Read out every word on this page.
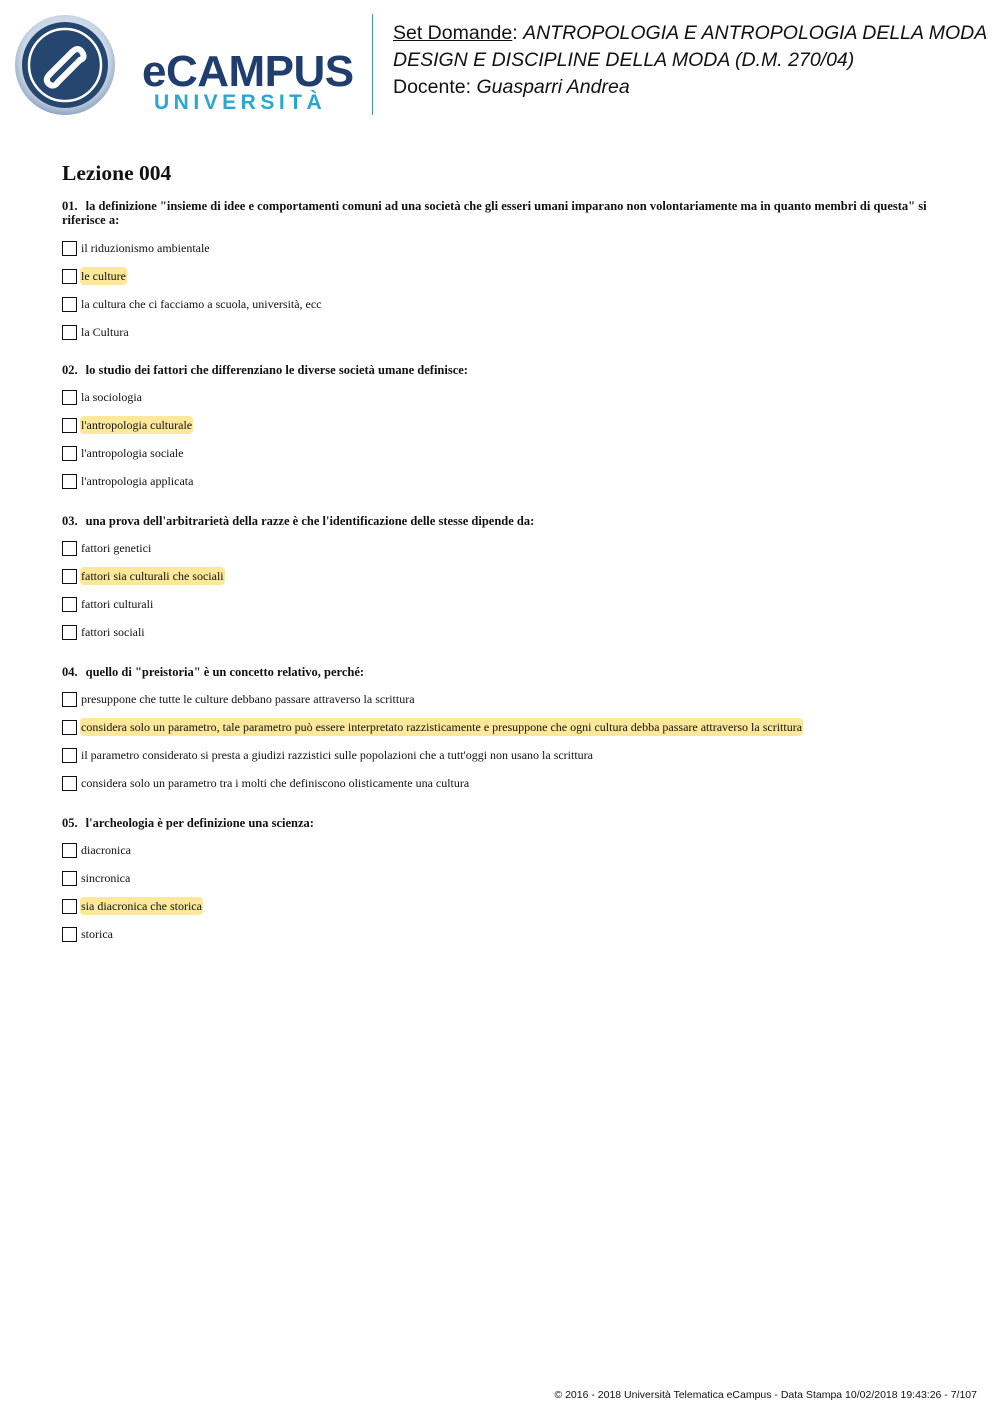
eCAMPUS
UNIVERSITÀ
Set Domande: ANTROPOLOGIA E ANTROPOLOGIA DELLA MODA
DESIGN E DISCIPLINE DELLA MODA (D.M. 270/04)
Docente: Guasparri Andrea
Lezione 004

01. la definizione "insieme di idee e comportamenti comuni ad una società che gli esseri umani imparano non volontariamente ma in quanto membri di questa" si riferisce a:

il riduzionismo ambientale
le culture
la cultura che ci facciamo a scuola, università, ecc
la Cultura

02. lo studio dei fattori che differenziano le diverse società umane definisce:

la sociologia
l'antropologia culturale
l'antropologia sociale
l'antropologia applicata

03. una prova dell'arbitrarietà della razze è che l'identificazione delle stesse dipende da:

fattori genetici
fattori sia culturali che sociali
fattori culturali
fattori sociali

04. quello di "preistoria" è un concetto relativo, perché:

presuppone che tutte le culture debbano passare attraverso la scrittura
considera solo un parametro, tale parametro può essere interpretato razzisticamente e presuppone che ogni cultura debba passare attraverso la scrittura
il parametro considerato si presta a giudizi razzistici sulle popolazioni che a tutt'oggi non usano la scrittura
considera solo un parametro tra i molti che definiscono olisticamente una cultura

05. l'archeologia è per definizione una scienza:

diacronica
sincronica
sia diacronica che storica
storica
© 2016 - 2018 Università Telematica eCampus - Data Stampa 10/02/2018 19:43:26 - 7/107
